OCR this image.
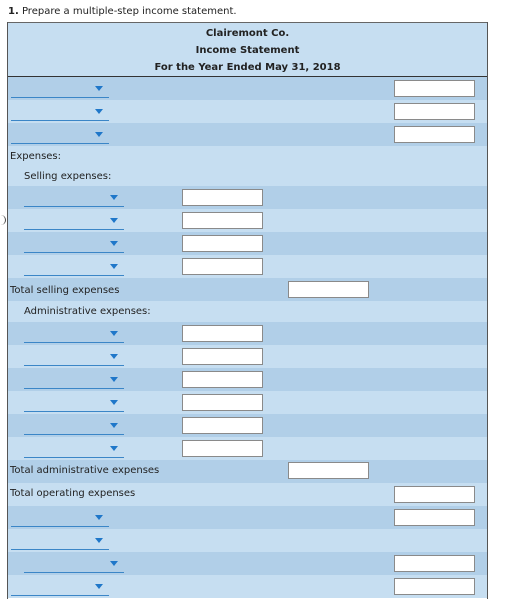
1. Prepare a multiple-step income statement.
Clairemont Co.
Income Statement
For the Year Ended May 31, 2018
Expenses:
Selling expenses:
Total selling expenses
Administrative expenses:
Total administrative expenses
Total operating expenses
